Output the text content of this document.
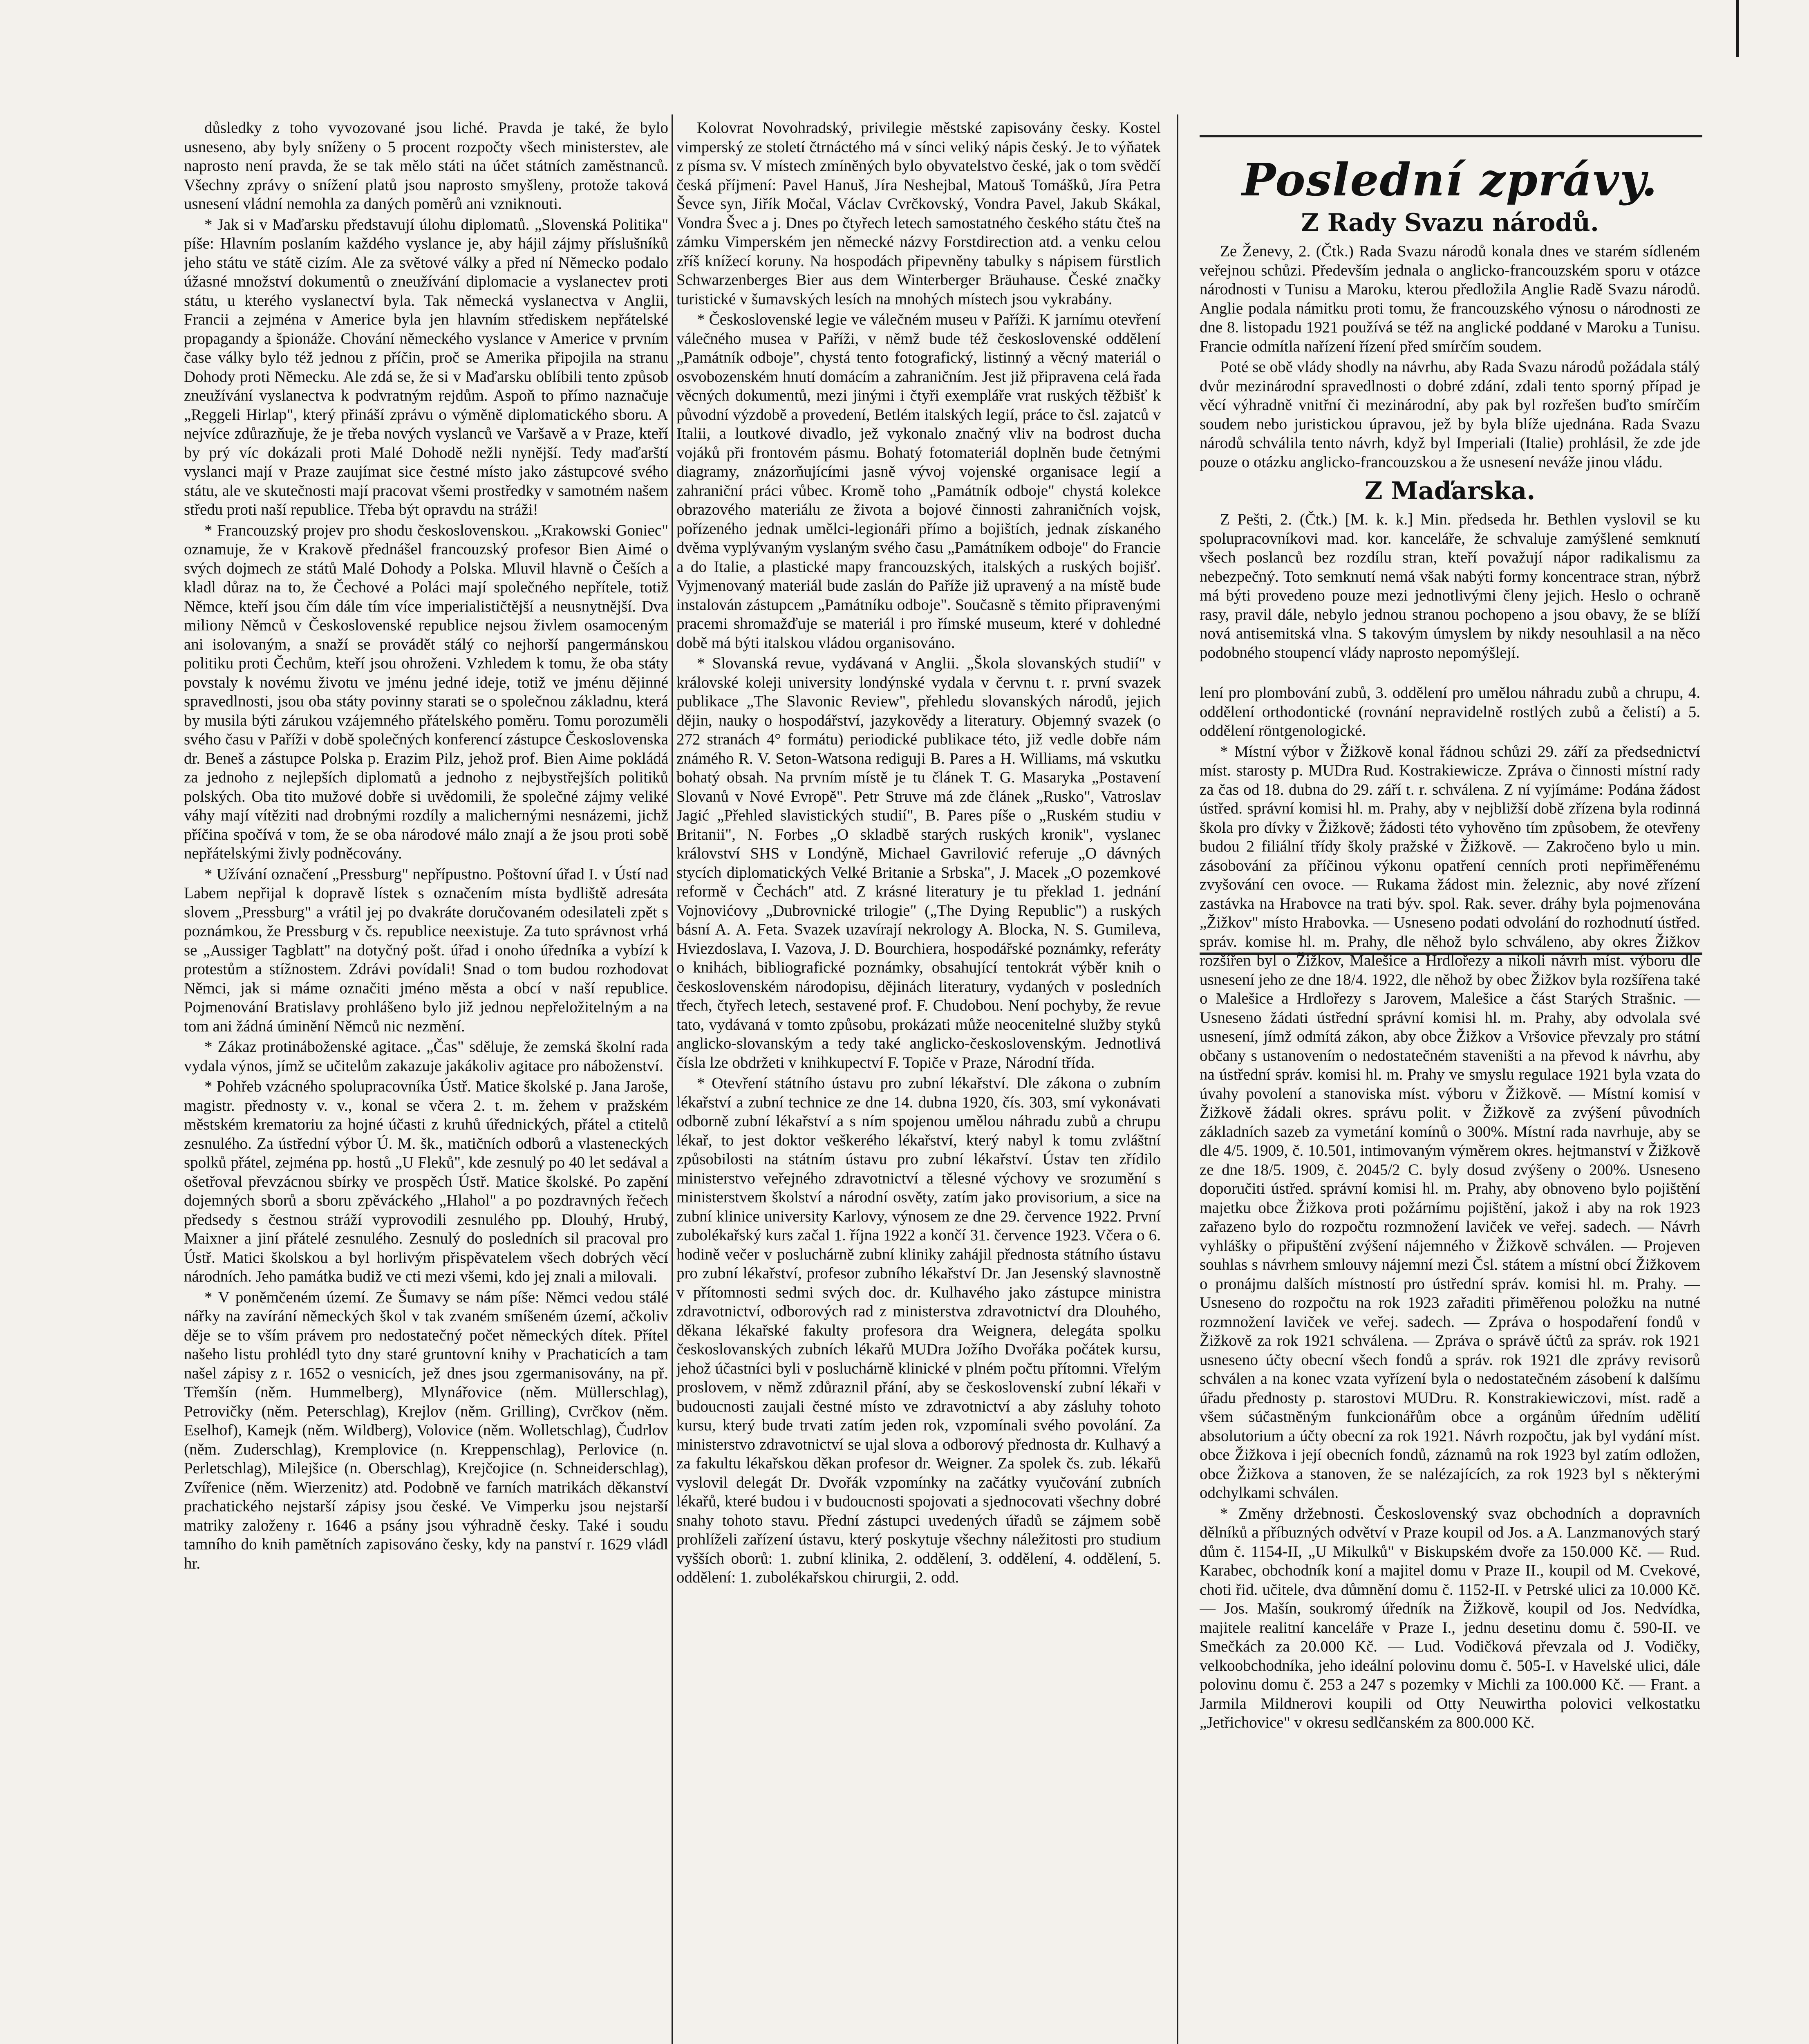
důsledky z toho vyvozované jsou liché. Pravda je také, že bylo usneseno, aby byly sníženy o 5 procent rozpočty všech ministerstev, ale naprosto není pravda, že se tak mělo státi na účet státních zaměstnanců. Všechny zprávy o snížení platů jsou naprosto smyšleny, protože taková usnesení vládní nemohla za daných poměrů ani vzniknouti.

* Jak si v Maďarsku představují úlohu diplomatů. „Slovenská Politika" píše: Hlavním poslaním každého vyslance je, aby hájil zájmy příslušníků jeho státu ve státě cizím. Ale za světové války a před ní Německo podalo úžasné množství dokumentů o zneužívání diplomacie a vyslanectev proti státu, u kterého vyslanectví byla. Tak německá vyslanectva v Anglii, Francii a zejména v Americe byla jen hlavním střediskem nepřátelské propagandy a špionáže. Chování německého vyslance v Americe v prvním čase války bylo též jednou z příčin, proč se Amerika připojila na stranu Dohody proti Německu. Ale zdá se, že si v Maďarsku oblíbili tento způsob zneužívání vyslanectva k podvratným rejdům. Aspoň to přímo naznačuje „Reggeli Hirlap", který přináší zprávu o výměně diplomatického sboru. A nejvíce zdůrazňuje, že je třeba nových vyslanců ve Varšavě a v Praze, kteří by prý víc dokázali proti Malé Dohodě nežli nynější. Tedy maďarští vyslanci mají v Praze zaujímat sice čestné místo jako zástupcové svého státu, ale ve skutečnosti mají pracovat všemi prostředky v samotném našem středu proti naší republice. Třeba být opravdu na stráži!

* Francouzský projev pro shodu československou. „Krakowski Goniec" oznamuje, že v Krakově přednášel francouzský profesor Bien Aimé o svých dojmech ze států Malé Dohody a Polska. Mluvil hlavně o Češích a kladl důraz na to, že Čechové a Poláci mají společného nepřítele, totiž Němce, kteří jsou čím dále tím více imperialističtější a neusnytnější. Dva miliony Němců v Československé republice nejsou živlem osamoceným ani isolovaným, a snaží se provádět stálý co nejhorší pangermánskou politiku proti Čechům, kteří jsou ohroženi. Vzhledem k tomu, že oba státy povstaly k novému životu ve jménu jedné ideje, totiž ve jménu dějinné spravedlnosti, jsou oba státy povinny starati se o společnou základnu, která by musila býti zárukou vzájemného přátelského poměru. Tomu porozuměli svého času v Paříži v době společných konferencí zástupce Československa dr. Beneš a zástupce Polska p. Erazim Pilz, jehož prof. Bien Aime pokládá za jednoho z nejlepších diplomatů a jednoho z nejbystřejších politiků polských. Oba tito mužové dobře si uvědomili, že společné zájmy veliké váhy mají vítěziti nad drobnými rozdíly a malichernými nesnázemi, jichž příčina spočívá v tom, že se oba národové málo znají a že jsou proti sobě nepřátelskými živly podněcovány.

* Užívání označení „Pressburg" nepřípustno. Poštovní úřad I. v Ústí nad Labem nepřijal k dopravě lístek s označením místa bydliště adresáta slovem „Pressburg" a vrátil jej po dvakráte doručovaném odesilateli zpět s poznámkou, že Pressburg v čs. republice neexistuje. Za tuto správnost vrhá se „Aussiger Tagblatt" na dotyčný pošt. úřad i onoho úředníka a vybízí k protestům a stížnostem. Zdrávi povídali! Snad o tom budou rozhodovat Němci, jak si máme označiti jméno města a obcí v naší republice. Pojmenování Bratislavy prohlášeno bylo již jednou nepřeložitelným a na tom ani žádná úminění Němců nic nezmění.

* Zákaz protináboženské agitace. „Čas" sděluje, že zemská školní rada vydala výnos, jímž se učitelům zakazuje jakákoliv agitace pro náboženství.

* Pohřeb vzácného spolupracovníka Ústř. Matice školské p. Jana Jaroše, magistr. přednosty v. v., konal se včera 2. t. m. žehem v pražském městském krematoriu za hojné účasti z kruhů úřednických, přátel a ctitelů zesnulého. Za ústřední výbor Ú. M. šk., matičních odborů a vlasteneckých spolků přátel, zejména pp. hostů „U Fleků", kde zesnulý po 40 let sedával a ošetřoval převzácnou sbírky ve prospěch Ústř. Matice školské. Po zapění dojemných sborů a sboru zpěváckého „Hlahol" a po pozdravných řečech předsedy s čestnou stráží vyprovodili zesnulého pp. Dlouhý, Hrubý, Maixner a jiní přátelé zesnulého. Zesnulý do posledních sil pracoval pro Ústř. Matici školskou a byl horlivým přispěvatelem všech dobrých věcí národních. Jeho památka budiž ve cti mezi všemi, kdo jej znali a milovali.

* V poněmčeném území. Ze Šumavy se nám píše: Němci vedou stálé nářky na zavírání německých škol v tak zvaném smíšeném území, ačkoliv děje se to vším právem pro nedostatečný počet německých dítek. Přítel našeho listu prohlédl tyto dny staré gruntovní knihy v Prachaticích a tam našel zápisy z r. 1652 o vesnicích, jež dnes jsou zgermanisovány, na př. Třemšín (něm. Hummelberg), Mlynářovice (něm. Müllerschlag), Petrovičky (něm. Peterschlag), Krejlov (něm. Grilling), Cvrčkov (něm. Eselhof), Kamejk (něm. Wildberg), Volovice (něm. Wolletschlag), Čudrlov (něm. Zuderschlag), Kremplovice (n. Kreppenschlag), Perlovice (n. Perletschlag), Milejšice (n. Oberschlag), Krejčojice (n. Schneiderschlag), Zvířenice (něm. Wierzenitz) atd. Podobně ve farních matrikách děkanství prachatického nejstarší zápisy jsou české. Ve Vimperku jsou nejstarší matriky založeny r. 1646 a psány jsou výhradně česky. Také i soudu tamního do knih pamětních zapisováno česky, kdy na panství r. 1629 vládl hr.

Kolovrat Novohradský, privilegie městské zapisovány česky. Kostel vimperský ze století čtrnáctého má v sínci veliký nápis český. Je to výňatek z písma sv. V místech zmíněných bylo obyvatelstvo české, jak o tom svědčí česká příjmení: Pavel Hanuš, Jíra Neshejbal, Matouš Tomášků, Jíra Petra Ševce syn, Jiřík Močal, Václav Cvrčkovský, Vondra Pavel, Jakub Skákal, Vondra Švec a j. Dnes po čtyřech letech samostatného českého státu čteš na zámku Vimperském jen německé názvy Forstdirection atd. a venku celou zříš knížecí koruny. Na hospodách připevněny tabulky s nápisem fürstlich Schwarzenberges Bier aus dem Winterberger Bräuhause. České značky turistické v šumavských lesích na mnohých místech jsou vykrabány.

* Československé legie ve válečném museu v Paříži. K jarnímu otevření válečného musea v Paříži, v němž bude též československé oddělení „Památník odboje", chystá tento fotografický, listinný a věcný materiál o osvobozenském hnutí domácím a zahraničním. Jest již připravena celá řada věcných dokumentů, mezi jinými i čtyři exempláře vrat ruských těžbišť k původní výzdobě a provedení, Betlém italských legií, práce to čsl. zajatců v Italii, a loutkové divadlo, jež vykonalo značný vliv na bodrost ducha vojáků při frontovém pásmu. Bohatý fotomateriál doplněn bude četnými diagramy, znázorňujícími jasně vývoj vojenské organisace legií a zahraniční práci vůbec. Kromě toho „Památník odboje" chystá kolekce obrazového materiálu ze života a bojové činnosti zahraničních vojsk, pořízeného jednak umělci-legionáři přímo a bojištích, jednak získaného dvěma vyplývaným vyslaným svého času „Památníkem odboje" do Francie a do Italie, a plastické mapy francouzských, italských a ruských bojišť. Vyjmenovaný materiál bude zaslán do Paříže již upravený a na místě bude instalován zástupcem „Památníku odboje". Současně s těmito připravenými pracemi shromažďuje se materiál i pro římské museum, které v dohledné době má býti italskou vládou organisováno.

* Slovanská revue, vydávaná v Anglii. „Škola slovanských studií" v královské koleji university londýnské vydala v červnu t. r. první svazek publikace „The Slavonic Review", přehledu slovanských národů, jejich dějin, nauky o hospodářství, jazykovědy a literatury. Objemný svazek (o 272 stranách 4° formátu) periodické publikace této, již vedle dobře nám známého R. V. Seton-Watsona rediguji B. Pares a H. Williams, má vskutku bohatý obsah. Na prvním místě je tu článek T. G. Masaryka „Postavení Slovanů v Nové Evropě". Petr Struve má zde článek „Rusko", Vatroslav Jagić „Přehled slavistických studií", B. Pares píše o „Ruském studiu v Britanii", N. Forbes „O skladbě starých ruských kronik", vyslanec království SHS v Londýně, Michael Gavrilović referuje „O dávných stycích diplomatických Velké Britanie a Srbska", J. Macek „O pozemkové reformě v Čechách" atd. Z krásné literatury je tu překlad 1. jednání Vojnovićovy „Dubrovnické trilogie" („The Dying Republic") a ruských básní A. A. Feta. Svazek uzavírají nekrology A. Blocka, N. S. Gumileva, Hviezdoslava, I. Vazova, J. D. Bourchiera, hospodářské poznámky, referáty o knihách, bibliografické poznámky, obsahující tentokrát výběr knih o československém národopisu, dějinách literatury, vydaných v posledních třech, čtyřech letech, sestavené prof. F. Chudobou. Není pochyby, že revue tato, vydávaná v tomto způsobu, prokázati může neocenitelné služby styků anglicko-slovanským a tedy také anglicko-československým. Jednotlivá čísla lze obdržeti v knihkupectví F. Topiče v Praze, Národní třída.

* Otevření státního ústavu pro zubní lékařství. Dle zákona o zubním lékařství a zubní technice ze dne 14. dubna 1920, čís. 303, smí vykonávati odborně zubní lékařství a s ním spojenou umělou náhradu zubů a chrupu lékař, to jest doktor veškerého lékařství, který nabyl k tomu zvláštní způsobilosti na státním ústavu pro zubní lékařství. Ústav ten zřídilo ministerstvo veřejného zdravotnictví a tělesné výchovy ve srozumění s ministerstvem školství a národní osvěty, zatím jako provisorium, a sice na zubní klinice university Karlovy, výnosem ze dne 29. července 1922. První zubolékařský kurs začal 1. října 1922 a končí 31. července 1923. Včera o 6. hodině večer v posluchárně zubní kliniky zahájil přednosta státního ústavu pro zubní lékařství, profesor zubního lékařství Dr. Jan Jesenský slavnostně v přítomnosti sedmi svých doc. dr. Kulhavého jako zástupce ministra zdravotnictví, odborových rad z ministerstva zdravotnictví dra Dlouhého, děkana lékařské fakulty profesora dra Weignera, delegáta spolku českoslovanských zubních lékařů MUDra Jožího Dvořáka počátek kursu, jehož účastníci byli v posluchárně klinické v plném počtu přítomni. Vřelým proslovem, v němž zdůraznil přání, aby se československí zubní lékaři v budoucnosti zaujali čestné místo ve zdravotnictví a aby zásluhy tohoto kursu, který bude trvati zatím jeden rok, vzpomínali svého povolání. Za ministerstvo zdravotnictví se ujal slova a odborový přednosta dr. Kulhavý a za fakultu lékařskou děkan profesor dr. Weigner. Za spolek čs. zub. lékařů vyslovil delegát Dr. Dvořák vzpomínky na začátky vyučování zubních lékařů, které budou i v budoucnosti spojovati a sjednocovati všechny dobré snahy tohoto stavu. Přední zástupci uvedených úřadů se zájmem sobě prohlíželi zařízení ústavu, který poskytuje všechny náležitosti pro studium vyšších oborů: 1. zubní klinika, 2. oddělení, 3. oddělení, 4. oddělení, 5. oddělení: 1. zubolékařskou chirurgii, 2. odd.

Poslední zprávy.
Z Rady Svazu národů.

Ze Ženevy, 2. (Čtk.) Rada Svazu národů konala dnes ve starém sídleném veřejnou schůzi. Především jednala o anglicko-francouzském sporu v otázce národnosti v Tunisu a Maroku, kterou předložila Anglie Radě Svazu národů. Anglie podala námitku proti tomu, že francouzského výnosu o národnosti ze dne 8. listopadu 1921 používá se též na anglické poddané v Maroku a Tunisu. Francie odmítla nařízení řízení před smírčím soudem.

Poté se obě vlády shodly na návrhu, aby Rada Svazu národů požádala stálý dvůr mezinárodní spravedlnosti o dobré zdání, zdali tento sporný případ je věcí výhradně vnitřní či mezinárodní, aby pak byl rozřešen buďto smírčím soudem nebo juristickou úpravou, jež by byla blíže ujednána. Rada Svazu národů schválila tento návrh, když byl Imperiali (Italie) prohlásil, že zde jde pouze o otázku anglicko-francouzskou a že usnesení neváže jinou vládu.

Z Maďarska.

Z Pešti, 2. (Čtk.) [M. k. k.] Min. předseda hr. Bethlen vyslovil se ku spolupracovníkovi mad. kor. kanceláře, že schvaluje zamýšlené semknutí všech poslanců bez rozdílu stran, kteří považují nápor radikalismu za nebezpečný. Toto semknutí nemá však nabýti formy koncentrace stran, nýbrž má býti provedeno pouze mezi jednotlivými členy jejich. Heslo o ochraně rasy, pravil dále, nebylo jednou stranou pochopeno a jsou obavy, že se blíží nová antisemitská vlna. S takovým úmyslem by nikdy nesouhlasil a na něco podobného stoupencí vlády naprosto nepomýšlejí.

lení pro plombování zubů, 3. oddělení pro umělou náhradu zubů a chrupu, 4. oddělení orthodontické (rovnání nepravidelně rostlých zubů a čelistí) a 5. oddělení röntgenologické.

* Místní výbor v Žižkově konal řádnou schůzi 29. září za předsednictví míst. starosty p. MUDra Rud. Kostrakiewicze. Zpráva o činnosti místní rady za čas od 18. dubna do 29. září t. r. schválena. Z ní vyjímáme: Podána žádost ústřed. správní komisi hl. m. Prahy, aby v nejbližší době zřízena byla rodinná škola pro dívky v Žižkově; žádosti této vyhověno tím způsobem, že otevřeny budou 2 filiální třídy školy pražské v Žižkově. — Zakročeno bylo u min. zásobování za příčinou výkonu opatření cenních proti nepřiměřenému zvyšování cen ovoce. — Rukama žádost min. železnic, aby nové zřízení zastávka na Hrabovce na trati býv. spol. Rak. sever. dráhy byla pojmenována „Žižkov" místo Hrabovka. — Usneseno podati odvolání do rozhodnutí ústřed. správ. komise hl. m. Prahy, dle něhož bylo schváleno, aby okres Žižkov rozšířen byl o Žižkov, Malešice a Hrdlořezy a nikoli návrh míst. výboru dle usnesení jeho ze dne 18/4. 1922, dle něhož by obec Žižkov byla rozšířena také o Malešice a Hrdlořezy s Jarovem, Malešice a část Starých Strašnic. — Usneseno žádati ústřední správní komisi hl. m. Prahy, aby odvolala své usnesení, jímž odmítá zákon, aby obce Žižkov a Vršovice převzaly pro státní občany s ustanovením o nedostatečném staveništi a na převod k návrhu, aby na ústřední správ. komisi hl. m. Prahy ve smyslu regulace 1921 byla vzata do úvahy povolení a stanoviska míst. výboru v Žižkově. — Místní komisí v Žižkově žádali okres. správu polit. v Žižkově za zvýšení původních základních sazeb za vymetání komínů o 300%. Místní rada navrhuje, aby se dle 4/5. 1909, č. 10.501, intimovaným výměrem okres. hejtmanství v Žižkově ze dne 18/5. 1909, č. 2045/2 C. byly dosud zvýšeny o 200%. Usneseno doporučiti ústřed. správní komisi hl. m. Prahy, aby obnoveno bylo pojištění majetku obce Žižkova proti požárnímu pojištění, jakož i aby na rok 1923 zařazeno bylo do rozpočtu rozmnožení laviček ve veřej. sadech. — Návrh vyhlášky o připuštění zvýšení nájemného v Žižkově schválen. — Projeven souhlas s návrhem smlouvy nájemní mezi Čsl. státem a místní obcí Žižkovem o pronájmu dalších místností pro ústřední správ. komisi hl. m. Prahy. — Usneseno do rozpočtu na rok 1923 zařaditi přiměřenou položku na nutné rozmnožení laviček ve veřej. sadech. — Zpráva o hospodaření fondů v Žižkově za rok 1921 schválena. — Zpráva o správě účtů za správ. rok 1921 usneseno účty obecní všech fondů a správ. rok 1921 dle zprávy revisorů schválen a na konec vzata vyřízení byla o nedostatečném zásobení k dalšímu úřadu přednosty p. starostovi MUDru. R. Konstrakiewiczovi, míst. radě a všem súčastněným funkcionářům obce a orgánům úředním udělití absolutorium a účty obecní za rok 1921. Návrh rozpočtu, jak byl vydání míst. obce Žižkova i její obecních fondů, záznamů na rok 1923 byl zatím odložen, obce Žižkova a stanoven, že se nalézajících, za rok 1923 byl s některými odchylkami schválen.

* Změny držebnosti. Československý svaz obchodních a dopravních dělníků a příbuzných odvětví v Praze koupil od Jos. a A. Lanzmanových starý dům č. 1154-II, „U Mikulků" v Biskupském dvoře za 150.000 Kč. — Rud. Karabec, obchodník koní a majitel domu v Praze II., koupil od M. Cvekové, choti řid. učitele, dva důmnění domu č. 1152-II. v Petrské ulici za 10.000 Kč. — Jos. Mašín, soukromý úředník na Žižkově, koupil od Jos. Nedvídka, majitele realitní kanceláře v Praze I., jednu desetinu domu č. 590-II. ve Smečkách za 20.000 Kč. — Lud. Vodičková převzala od J. Vodičky, velkoobchodníka, jeho ideální polovinu domu č. 505-I. v Havelské ulici, dále polovinu domu č. 253 a 247 s pozemky v Michli za 100.000 Kč. — Frant. a Jarmila Mildnerovi koupili od Otty Neuwirtha polovici velkostatku „Jetřichovice" v okresu sedlčanském za 800.000 Kč.
